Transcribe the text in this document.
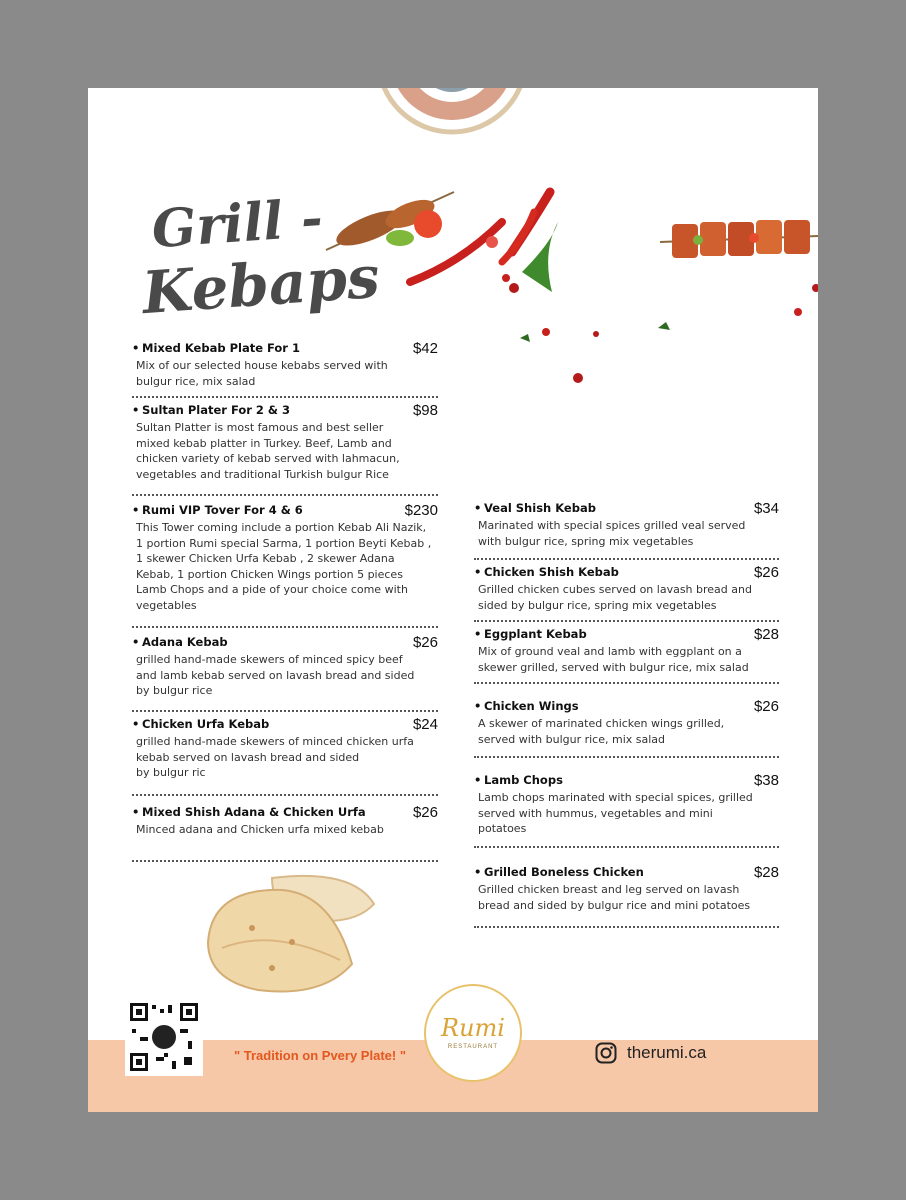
Grill -
Kebaps
• Mixed Kebab Plate For 1	$42
Mix of our selected house kebabs served with
bulgur rice, mix salad
• Sultan Plater For 2 & 3	$98
Sultan Platter is most famous and best seller
mixed kebab platter in Turkey. Beef, Lamb and
chicken variety of kebab served with lahmacun,
vegetables and traditional Turkish bulgur Rice
• Rumi VIP Tover For 4 & 6	$230
This Tower coming include a portion Kebab Ali Nazik,
1 portion Rumi special Sarma, 1 portion Beyti Kebab ,
1 skewer Chicken Urfa Kebab , 2 skewer Adana
Kebab, 1 portion Chicken Wings portion 5 pieces
Lamb Chops and a pide of your choice come with
vegetables
• Adana Kebab	$26
grilled hand-made skewers of minced spicy beef
and lamb kebab served on lavash bread and sided
by bulgur rice
• Chicken Urfa Kebab	$24
grilled hand-made skewers of minced chicken urfa
kebab served on lavash bread and sided
by bulgur ric
• Mixed Shish Adana & Chicken Urfa	$26
Minced adana and Chicken urfa mixed kebab
• Veal Shish Kebab	$34
Marinated with special spices grilled veal served
with bulgur rice, spring mix vegetables
• Chicken Shish Kebab	$26
Grilled chicken cubes served on lavash bread and
sided by bulgur rice, spring mix vegetables
• Eggplant Kebab	$28
Mix of ground veal and lamb with eggplant on a
skewer grilled, served with bulgur rice, mix salad
• Chicken Wings	$26
A skewer of marinated chicken wings grilled,
served with bulgur rice, mix salad
• Lamb Chops	$38
Lamb chops marinated with special spices, grilled
served with hummus, vegetables and mini
potatoes
• Grilled Boneless Chicken	$28
Grilled chicken breast and leg served on lavash
bread and sided by bulgur rice and mini potatoes
" Tradition on Pvery Plate! "
Rumi
RESTAURANT	therumi.ca
